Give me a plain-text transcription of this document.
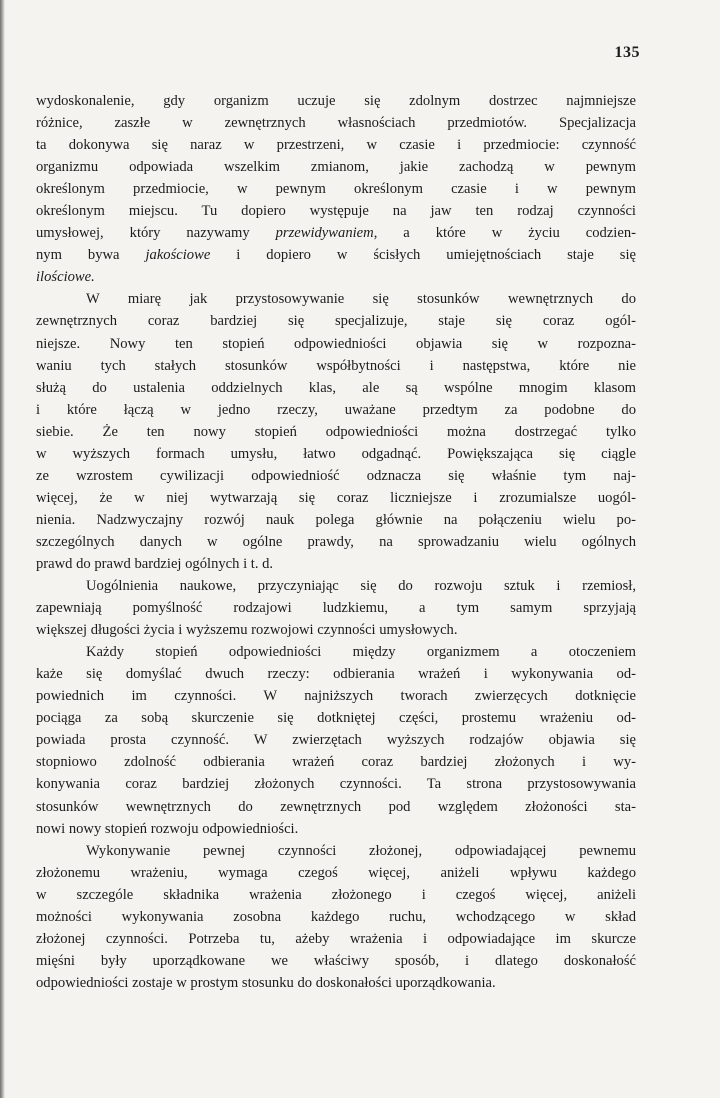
135
wydoskonalenie, gdy organizm uczuje się zdolnym dostrzec najmniejsze
różnice, zaszłe w zewnętrznych własnościach przedmiotów. Specjalizacja
ta dokonywa się naraz w przestrzeni, w czasie i przedmiocie: czynność
organizmu odpowiada wszelkim zmianom, jakie zachodzą w pewnym
określonym przedmiocie, w pewnym określonym czasie i w pewnym
określonym miejscu. Tu dopiero występuje na jaw ten rodzaj czynności
umysłowej, który nazywamy przewidywaniem, a które w życiu codzien-
nym bywa jakościowe i dopiero w ścisłych umiejętnościach staje się
ilościowe.
W miarę jak przystosowywanie się stosunków wewnętrznych do
zewnętrznych coraz bardziej się specjalizuje, staje się coraz ogól-
niejsze. Nowy ten stopień odpowiedniości objawia się w rozpozna-
waniu tych stałych stosunków współbytności i następstwa, które nie
służą do ustalenia oddzielnych klas, ale są wspólne mnogim klasom
i które łączą w jedno rzeczy, uważane przedtym za podobne do
siebie. Że ten nowy stopień odpowiedniości można dostrzegać tylko
w wyższych formach umysłu, łatwo odgadnąć. Powiększająca się ciągle
ze wzrostem cywilizacji odpowiedniość odznacza się właśnie tym naj-
więcej, że w niej wytwarzają się coraz liczniejsze i zrozumialsze uogól-
nienia. Nadzwyczajny rozwój nauk polega głównie na połączeniu wielu po-
szczególnych danych w ogólne prawdy, na sprowadzaniu wielu ogólnych
prawd do prawd bardziej ogólnych i t. d.
Uogólnienia naukowe, przyczyniając się do rozwoju sztuk i rzemiosł,
zapewniają pomyślność rodzajowi ludzkiemu, a tym samym sprzyjają
większej długości życia i wyższemu rozwojowi czynności umysłowych.
Każdy stopień odpowiedniości między organizmem a otoczeniem
każe się domyślać dwuch rzeczy: odbierania wrażeń i wykonywania od-
powiednich im czynności. W najniższych tworach zwierzęcych dotknięcie
pociąga za sobą skurczenie się dotkniętej części, prostemu wrażeniu od-
powiada prosta czynność. W zwierzętach wyższych rodzajów objawia się
stopniowo zdolność odbierania wrażeń coraz bardziej złożonych i wy-
konywania coraz bardziej złożonych czynności. Ta strona przystosowywania
stosunków wewnętrznych do zewnętrznych pod względem złożoności sta-
nowi nowy stopień rozwoju odpowiedniości.
Wykonywanie pewnej czynności złożonej, odpowiadającej pewnemu
złożonemu wrażeniu, wymaga czegoś więcej, aniżeli wpływu każdego
w szczególe składnika wrażenia złożonego i czegoś więcej, aniżeli
możności wykonywania zosobna każdego ruchu, wchodzącego w skład
złożonej czynności. Potrzeba tu, ażeby wrażenia i odpowiadające im skurcze
mięśni były uporządkowane we właściwy sposób, i dlatego doskonałość
odpowiedniości zostaje w prostym stosunku do doskonałości uporządkowania.
